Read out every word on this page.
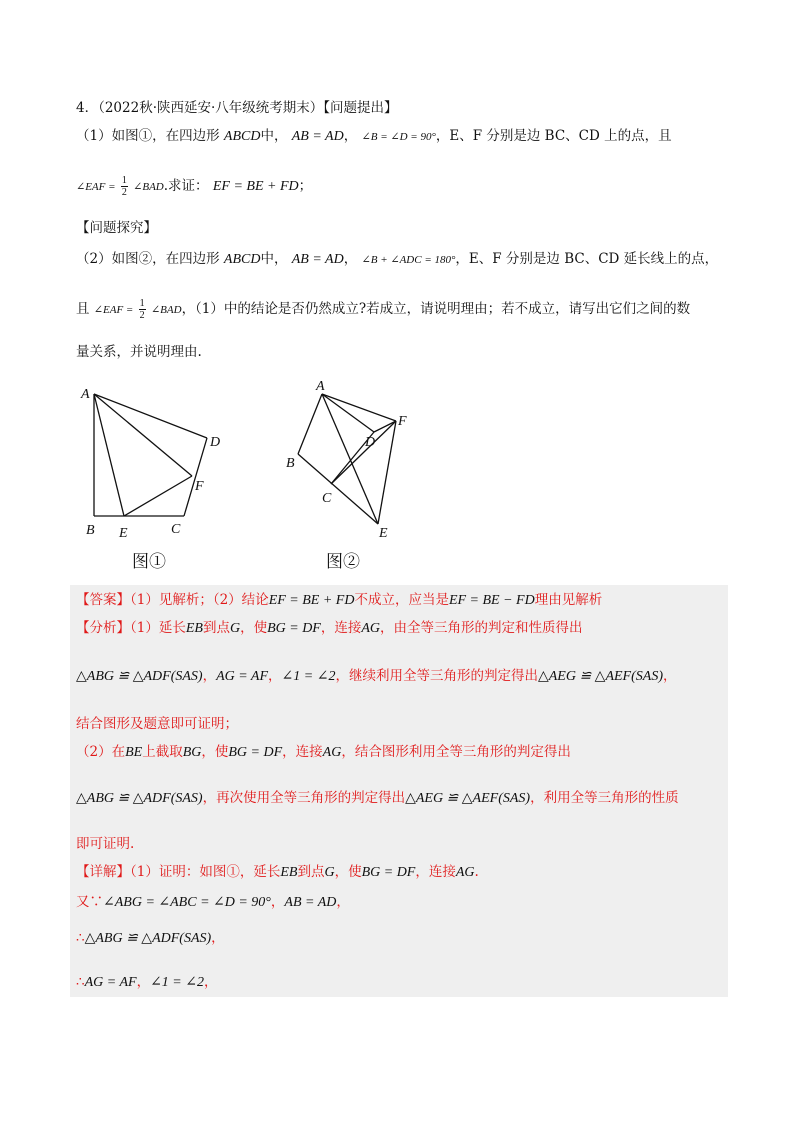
4．（2022秋·陕西延安·八年级统考期末）【问题提出】
（1）如图①，在四边形 ABCD中， AB = AD， ∠B = ∠D = 90°，E、F 分别是边 BC、CD 上的点，且
∠EAF = $\frac{1}{2}$ ∠BAD.求证： EF = BE + FD；
【问题探究】
（2）如图②，在四边形 ABCD中， AB = AD， ∠B + ∠ADC = 180°，E、F 分别是边 BC、CD 延长线上的点，
且 ∠EAF = $\frac{1}{2}$ ∠BAD，（1）中的结论是否仍然成立?若成立，请说明理由；若不成立，请写出它们之间的数
量关系，并说明理由.
A
B	C
D
F
E
图①
A
B
C
D
F
E
图②
【答案】（1）见解析；（2）结论EF = BE + FD不成立，应当是EF = BE − FD理由见解析
【分析】（1）延长EB到点G，使BG = DF，连接AG，由全等三角形的判定和性质得出
△ABG ≌ △ADF(SAS)，AG = AF，∠1 = ∠2，继续利用全等三角形的判定得出△AEG ≌ △AEF(SAS)，
结合图形及题意即可证明；
（2）在BE上截取BG，使BG = DF，连接AG，结合图形利用全等三角形的判定得出
△ABG ≌ △ADF(SAS)，再次使用全等三角形的判定得出△AEG ≌ △AEF(SAS)，利用全等三角形的性质
即可证明.
【详解】（1）证明：如图①，延长EB到点G，使BG = DF，连接AG.
又∵∠ABG = ∠ABC = ∠D = 90°，AB = AD，
∴△ABG ≌ △ADF(SAS)，
∴AG = AF，∠1 = ∠2，
